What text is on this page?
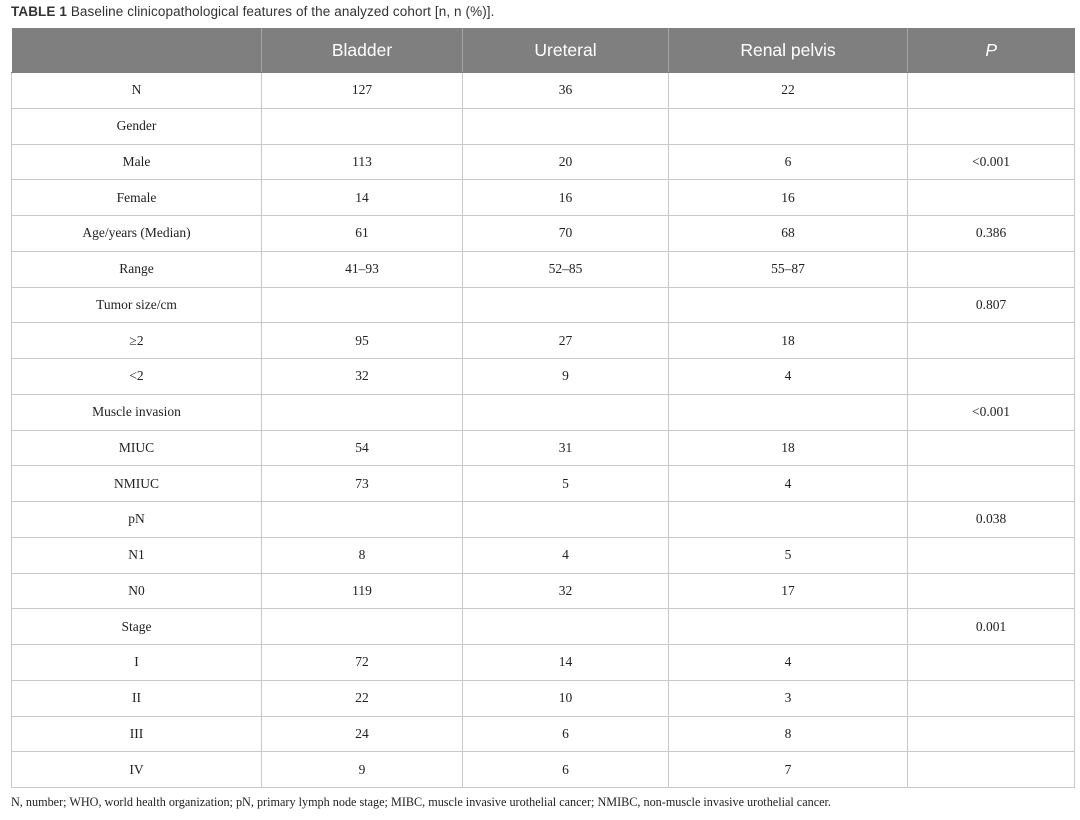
TABLE 1 Baseline clinicopathological features of the analyzed cohort [n, n (%)].
	Bladder	Ureteral	Renal pelvis	P
N	127	36	22	
Gender				
Male	113	20	6	<0.001
Female	14	16	16	
Age/years (Median)	61	70	68	0.386
Range	41–93	52–85	55–87	
Tumor size/cm				0.807
≥2	95	27	18	
<2	32	9	4	
Muscle invasion				<0.001
MIUC	54	31	18	
NMIUC	73	5	4	
pN				0.038
N1	8	4	5	
N0	119	32	17	
Stage				0.001
I	72	14	4	
II	22	10	3	
III	24	6	8	
IV	9	6	7	
N, number; WHO, world health organization; pN, primary lymph node stage; MIBC, muscle invasive urothelial cancer; NMIBC, non-muscle invasive urothelial cancer.
